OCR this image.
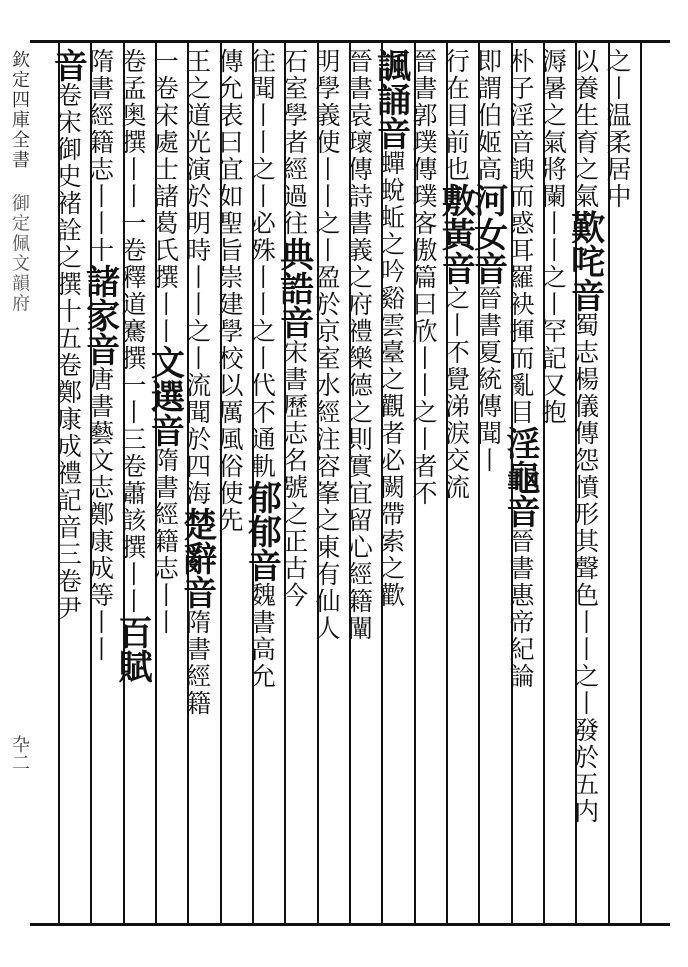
欽定四庫全書  御定佩文韻府
卆二
之丨温柔居中
以養生育之氣歎咤音蜀志楊儀傳怨憤形其聲色丨丨之丨發於五内
溽暑之氣將闌丨丨之丨罕記又抱
朴子淫音諛而惑耳羅袂揮而亂目淫龜音晉書惠帝紀論
即謂伯姬高河女音晉書夏統傳聞丨
行在目前也敷黃音之丨不覺涕淚交流
晉書郭璞傳璞客傲篇曰欣丨丨之丨者不
諷誦音蟬蛻蚯之吟谿雲臺之觀者必闕帶索之歡
晉書袁瓌傳詩書義之府禮樂德之則實宜留心經籍闡
明學義使丨丨之丨盈於京室水經注容峯之東有仙人
石室學者經過往典誥音宋書歷志名號之正古今
往聞丨丨之丨必殊丨丨之丨代不通軌郁郁音魏書高允
傳允表曰宜如聖旨崇建學校以厲風俗使先
王之道光演於明時丨丨之丨流聞於四海楚辭音隋書經籍
一卷宋處士諸葛氏撰丨丨文選音隋書經籍志丨丨
卷孟奥撰丨丨一卷釋道騫撰一丨三卷蕭該撰丨丨百賦
隋書經籍志丨丨十諸家音唐書藝文志鄭康成等丨丨
音卷宋御史褚詮之撰十五卷鄭康成禮記音三卷尹
